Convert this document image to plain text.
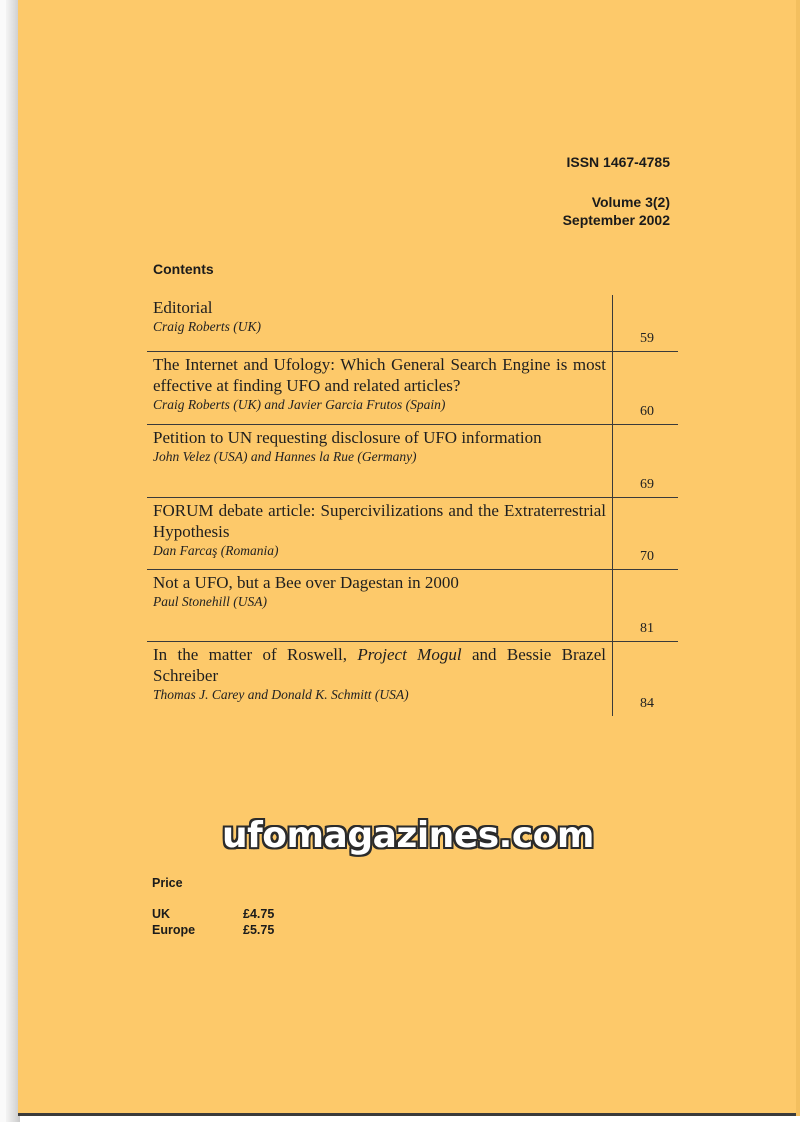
ISSN 1467-4785
Volume 3(2)
September 2002
Contents
Editorial
Craig Roberts (UK)
59
The Internet and Ufology: Which General Search Engine is most effective at finding UFO and related articles?
Craig Roberts (UK) and Javier Garcia Frutos (Spain)	60
Petition to UN requesting disclosure of UFO information
John Velez (USA) and Hannes la Rue (Germany)
69
FORUM debate article: Supercivilizations and the Extraterrestrial Hypothesis
Dan Farcaş (Romania)	70
Not a UFO, but a Bee over Dagestan in 2000
Paul Stonehill (USA)
81
In the matter of Roswell, Project Mogul and Bessie Brazel Schreiber
Thomas J. Carey and Donald K. Schmitt (USA)
84
ufomagazines.com
Price
UK	£4.75
Europe	£5.75
